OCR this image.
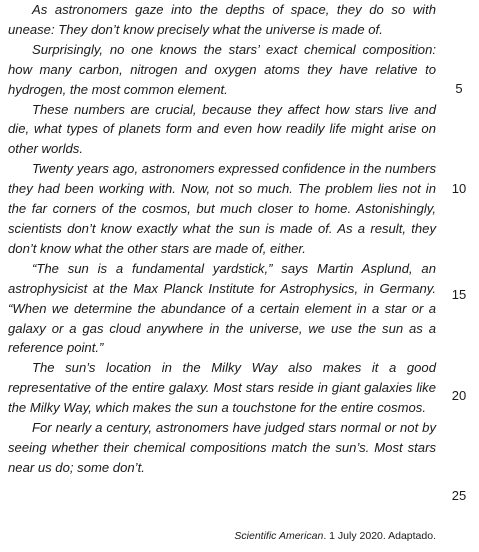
As astronomers gaze into the depths of space, they do so with unease: They don’t know precisely what the universe is made of.

Surprisingly, no one knows the stars’ exact chemical composition: how many carbon, nitrogen and oxygen atoms they have relative to hydrogen, the most common element.

These numbers are crucial, because they affect how stars live and die, what types of planets form and even how readily life might arise on other worlds.

Twenty years ago, astronomers expressed confidence in the numbers they had been working with. Now, not so much. The problem lies not in the far corners of the cosmos, but much closer to home. Astonishingly, scientists don’t know exactly what the sun is made of. As a result, they don’t know what the other stars are made of, either.

“The sun is a fundamental yardstick,” says Martin Asplund, an astrophysicist at the Max Planck Institute for Astrophysics, in Germany. “When we determine the abundance of a certain element in a star or a galaxy or a gas cloud anywhere in the universe, we use the sun as a reference point.”

The sun’s location in the Milky Way also makes it a good representative of the entire galaxy. Most stars reside in giant galaxies like the Milky Way, which makes the sun a touchstone for the entire cosmos.

For nearly a century, astronomers have judged stars normal or not by seeing whether their chemical compositions match the sun’s. Most stars near us do; some don’t.

5
10
15
20
25
Scientific American. 1 July 2020. Adaptado.
